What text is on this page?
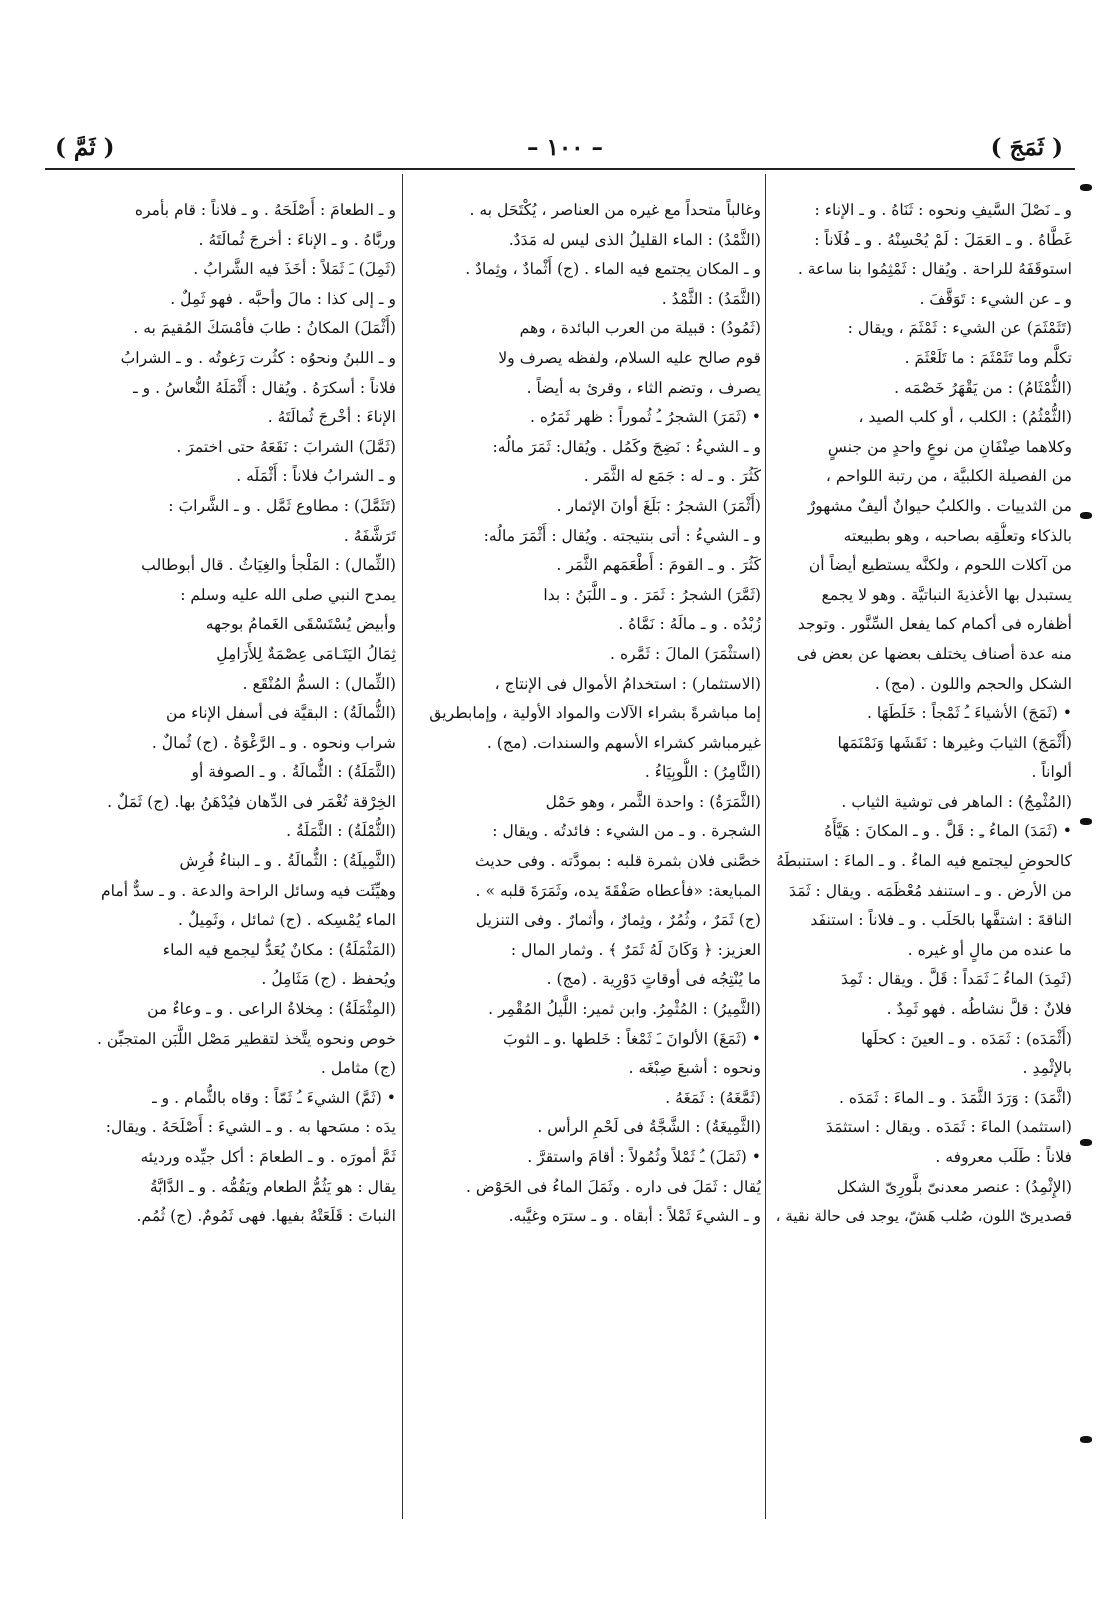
( ثَمَجَ )
– ١٠٠ –
( ثَمَّ )
و ـ نَصْلَ السَّيفِ ونحوه : ثَنَاهُ . و ـ الإناء :
غَطَّاهُ . و ـ العَمَلَ : لَمْ يُحْسِنْهُ . و ـ فُلَاناً :
استوقَفَهُ للراحة . ويُقال : ثَمْثِمُوا بنا ساعة .
و ـ عن الشيء : تَوَقَّفَ .
(تَثَمْثَمَ) عن الشيء : ثَمْثَمَ ، ويقال :
تكلَّم وما تَثَمْثَمَ : ما تَلَعْثَمَ .
(الثُّمْثَامُ) : من يَقْهَرُ خَصْمَه .
(الثُّمْثُمُ) : الكلب ، أو كلب الصيد ،
وكلاهما صِنْفَانِ من نوعٍ واحدٍ من جنسٍ
من الفصيلة الكلبيَّة ، من رتبة اللواحم ،
من الثدييات . والكلبُ حيوانٌ أليفٌ مشهورٌ
بالذكاء وتعلُّقِه بصاحبه ، وهو بطبيعته
من آكلات اللحوم ، ولكنَّه يستطيع أيضاً أن
يستبدل بها الأغذيةَ النباتيَّة . وهو لا يجمع
أظفاره فى أكمام كما يفعل السِّنَّور . وتوجد
منه عدة أصناف يختلف بعضها عن بعض فى
الشكل والحجم واللون . (مج) .
• (ثَمَجَ) الأشياءَ ـُ ثَمْجاً : خَلَطَهَا .
(أَثْمَجَ) الثيابَ وغيرها : نَقَشَها وَنَمْنَمَها
ألواناً .
(المُثْمِجُ) : الماهر فى توشية الثياب .
• (ثَمَدَ) الماءُ ـِ : قَلَّ . و ـ المكانَ : هَيَّأَهُ
كالحوضِ ليجتمع فيه الماءُ . و ـ الماءَ : استنبطَهُ
من الأرض . و ـ استنفد مُعْظَمَه . ويقال : ثَمَدَ
الناقةَ : اشتفَّها بالحَلَب . و ـ فلاناً : استنفَد
ما عنده من مالٍ أو غيره .
(ثَمِدَ) الماءُ ـَ ثَمَداً : قَلَّ . ويقال : ثَمِدَ
فلانٌ : قلَّ نشاطُه . فهو ثَمِدٌ .
(أَثْمَدَه) : ثَمَدَه . و ـ العينَ : كحلَها
بالإثْمِدِ .
(اثَّمَدَ) : وَرَدَ الثَّمَدَ . و ـ الماءَ : ثَمَدَه .
(استثمد) الماءَ : ثَمَدَه . ويقال : استثمَدَ
فلاناً : طَلَب معروفه .
(الإِثْمِدُ) : عنصر معدنىّ بلَّورِىّ الشكل
قصديرىّ اللون، صُلب هَشّ، يوجد فى حالة نقية ،
وغالباً متحداً مع غيره من العناصر ، يُكْتَحَل به .
(الثَّمْدُ) : الماء القليلُ الذى ليس له مَدَدٌ.
و ـ المكان يجتمع فيه الماء . (ج) أَثْمادٌ ، وثِمادٌ .
(الثَّمَدُ) : الثَّمْدُ .
(ثَمُودُ) : قبيلة من العرب البائدة ، وهم
قوم صالح عليه السلام، ولفظه يصرف ولا
يصرف ، وتضم الثاء ، وقرئ به أيضاً .
• (ثَمَرَ) الشجرُ ـُ ثُموراً : ظهر ثَمَرُه .
و ـ الشيءُ : نَضِجَ وكَمُل . ويُقال: ثَمَرَ مالُه:
كَثُرَ . و ـ له : جَمَع له الثَّمَر .
(أَثْمَرَ) الشجرُ : بَلَغَ أوانَ الإثمار .
و ـ الشيءُ : أتى بنتيجته . ويُقال : أَثْمَرَ مالُه:
كَثُرَ . و ـ القومَ : أَطْعَمَهم الثَّمَر .
(ثَمَّرَ) الشجرُ : ثَمَرَ . و ـ اللَّبَنُ : بدا
زُبْدُه . و ـ مالَهُ : نَمَّاهُ .
(استثْمَرَ) المالَ : ثَمَّره .
(الاستثمار) : استخدامُ الأموال فى الإنتاج ،
إما مباشرةً بشراء الآلات والمواد الأولية ، وإمابطريق
غيرمباشر كشراء الأسهم والسندات. (مج) .
(الثَّامِرُ) : اللُّوبِيَاءُ .
(الثَّمَرَةُ) : واحدة الثَّمر ، وهو حَمْل
الشجرة . و ـ من الشيء : فائدتُه . ويقال :
خصَّنى فلان بثمرة قلبه : بمودَّته . وفى حديث
المبايعة: «فأعطاه صَفْقَةَ يده، وثَمَرَةَ قلبه » .
(ج) ثَمَرٌ ، وثُمُرٌ ، وثِمارٌ ، وأثمارٌ . وفى التنزيل
العزيز: ﴿ وَكَانَ لَهُ ثَمَرٌ ﴾ . وثمار المال :
ما يُنْتِجُه فى أوقاتٍ دَوْرِية . (مج) .
(الثَّمِيرُ) : المُثْمِرُ. وابن ثمير: اللَّيلُ المُقْمِر .
• (ثَمَغَ) الألوانَ ـَ ثَمْغاً : خَلطها .و ـ الثوبَ
ونحوه : أشبعَ صِبْغَه .
(ثَمَّغَهُ) : ثَمَغَهُ .
(الثَّمِيغَةُ) : الشَّجَّةُ فى لَحْمِ الرأس .
• (ثَمَلَ) ـُ ثَمْلاً وثُمُولاً : أقامَ واستقرَّ .
يُقال : ثَمَلَ فى داره . وثَمَلَ الماءُ فى الحَوْض .
و ـ الشيءَ ثَمْلاً : أبقاه . و ـ سترَه وغيَّبه.
و ـ الطعامَ : أَصْلَحَهُ . و ـ فلاناً : قام بأمره
وربَّاهُ . و ـ الإناءَ : أخرجَ ثُمالَتَهُ .
(ثَمِلَ) ـَ ثَمَلاً : أخَذَ فيه الشَّرابُ .
و ـ إلى كذا : مالَ وأحبَّه . فهو ثَمِلٌ .
(أَثْمَلَ) المكانُ : طابَ فأمْسَكَ المُقيمَ به .
و ـ اللبنُ ونحوُه : كثُرت رَغوتُه . و ـ الشرابُ
فلاناً : أسكرَهُ . ويُقال : أَثْمَلَهُ النُّعاسُ . و ـ
الإناءَ : أخْرجَ ثُمالَتَهُ .
(ثَمَّلَ) الشرابَ : نَقَعَهُ حتى اختمرَ .
و ـ الشرابُ فلاناً : أَثْمَلَه .
(تَثَمَّلَ) : مطاوع ثَمَّل . و ـ الشَّرابَ :
تَرَشَّفَهُ .
(الثِّمال) : المَلْجأ والغِيَاثُ . قال أبوطالب
يمدح النبي صلى الله عليه وسلم :
وأبيض يُسْتَسْقَى الغَمامُ بوجهه
ثِمَالُ اليَتَـامَى عِصْمَةٌ لِلأَرَامِلِ
(الثِّمال) : السمُّ المُنْقَع .
(الثُّمالَةُ) : البقيَّة فى أسفل الإناء من
شراب ونحوه . و ـ الرَّغْوَةُ . (ج) ثُمالٌ .
(الثَّمَلَةُ) : الثُّمالَةُ . و ـ الصوفة أو
الخِرْقة تُغْمَر فى الدِّهان فيُدْهَنُ بها. (ج) ثَمَلٌ .
(الثُّمْلَةُ) : الثَّمَلَةُ .
(الثَّمِيلَةُ) : الثُّمالَةُ . و ـ البناءُ فُرِش
وهيِّئَت فيه وسائل الراحة والدعة . و ـ سدٌّ أمام
الماء يُمْسِكه . (ج) ثمائل ، وثَمِيلٌ .
(المَثْمَلَةُ) : مكانٌ يُعَدُّ ليجمع فيه الماء
ويُحفظ . (ج) مَثَامِلُ .
(المِثْمَلَةُ) : مِخلاةُ الراعى . و ـ وعاءٌ من
خوص ونحوه يتَّخذ لتقطير مَصْل اللَّبَن المتجبِّن .
(ج) مثامل .
• (ثَمَّ) الشيءَ ـُ ثَمّاً : وقاه بالثُّمام . و ـ
يدَه : مسَحها به . و ـ الشيءَ : أَصْلَحَهُ . ويقال:
ثَمَّ أمورَه . و ـ الطعامَ : أكل جيِّده ورديئه
يقال : هو يَثُمُّ الطعام ويَقُمُّه . و ـ الدَّابَّةُ
النباتَ : قَلَعَتْهُ بفيها. فهى ثَمُومٌ. (ج) ثُمُم.
